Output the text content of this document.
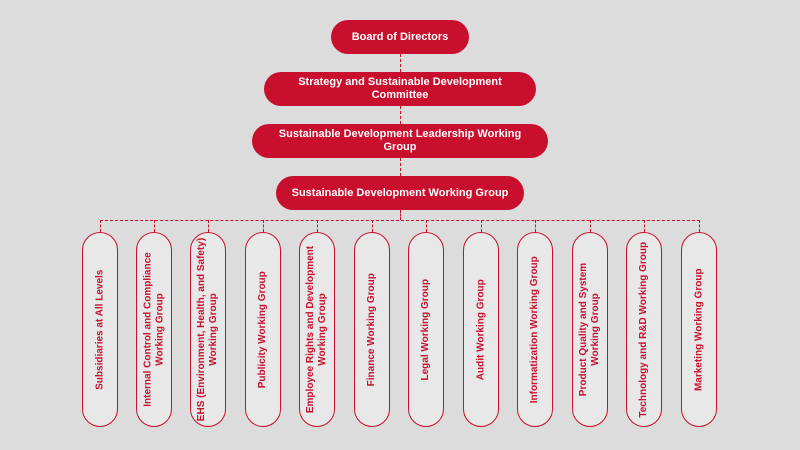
Board of Directors
Strategy and Sustainable Development Committee
Sustainable Development Leadership Working Group
Sustainable Development Working Group
Subsidiaries at All Levels	Internal Control and Compliance
Working Group	EHS (Environment, Health, and Safety)
Working Group	Publicity Working Group	Employee Rights and Development
Working Group	Finance Working Group	Legal Working Group	Audit Working Group	Informatization Working Group	Product Quality and System
Working Group	Technology and R&D Working Group	Marketing Working Group
